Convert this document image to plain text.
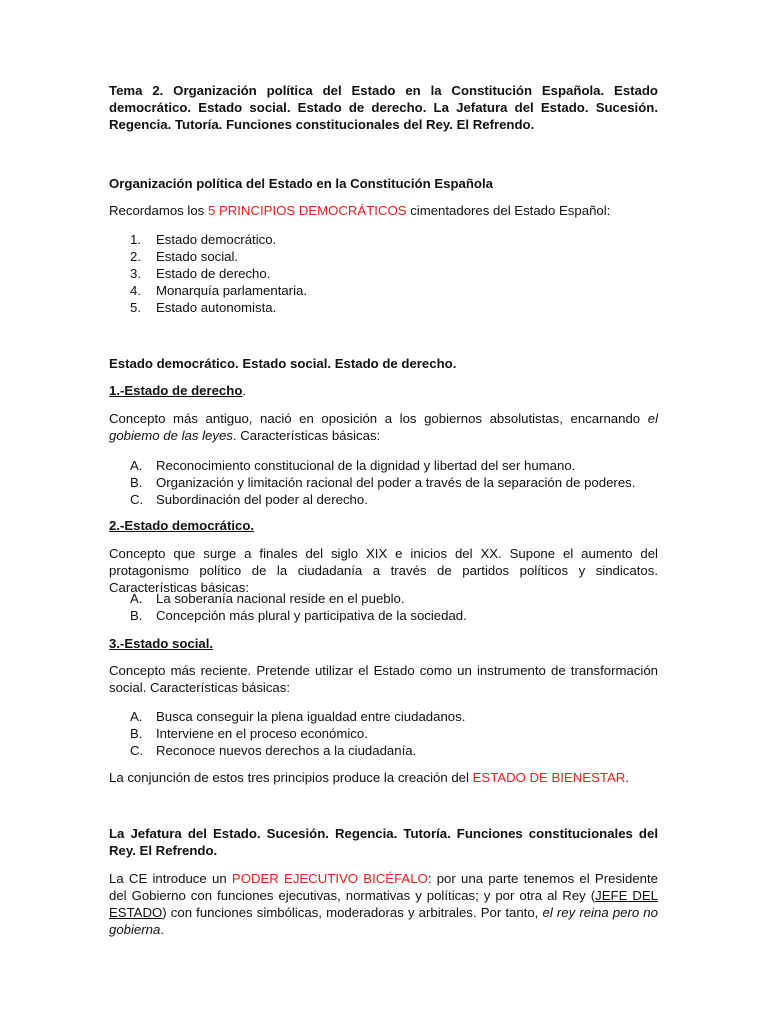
Tema 2. Organización política del Estado en la Constitución Española. Estado democrático. Estado social. Estado de derecho. La Jefatura del Estado. Sucesión. Regencia. Tutoría. Funciones constitucionales del Rey. El Refrendo.

Organización política del Estado en la Constitución Española

Recordamos los 5 PRINCIPIOS DEMOCRÁTICOS cimentadores del Estado Español:

1. Estado democrático.
2. Estado social.
3. Estado de derecho.
4. Monarquía parlamentaria.
5. Estado autonomista.

Estado democrático. Estado social. Estado de derecho.

1.-Estado de derecho.

Concepto más antiguo, nació en oposición a los gobiernos absolutistas, encarnando el gobiemo de las leyes. Características básicas:

A. Reconocimiento constitucional de la dignidad y libertad del ser humano.
B. Organización y limitación racional del poder a través de la separación de poderes.
C. Subordinación del poder al derecho.

2.-Estado democrático.

Concepto que surge a finales del siglo XIX e inicios del XX. Supone el aumento del protagonismo político de la ciudadanía a través de partidos políticos y sindicatos. Características básicas:

A. La soberanía nacional reside en el pueblo.
B. Concepción más plural y participativa de la sociedad.

3.-Estado social.

Concepto más reciente. Pretende utilizar el Estado como un instrumento de transformación social. Características básicas:

A. Busca conseguir la plena igualdad entre ciudadanos.
B. Interviene en el proceso económico.
C. Reconoce nuevos derechos a la ciudadanía.

La conjunción de estos tres principios produce la creación del ESTADO DE BIENESTAR.

La Jefatura del Estado. Sucesión. Regencia. Tutoría. Funciones constitucionales del Rey. El Refrendo.

La CE introduce un PODER EJECUTIVO BICÉFALO: por una parte tenemos el Presidente del Gobierno con funciones ejecutivas, normativas y políticas; y por otra al Rey (JEFE DEL ESTADO) con funciones simbólicas, moderadoras y arbitrales. Por tanto, el rey reina pero no gobierna.
